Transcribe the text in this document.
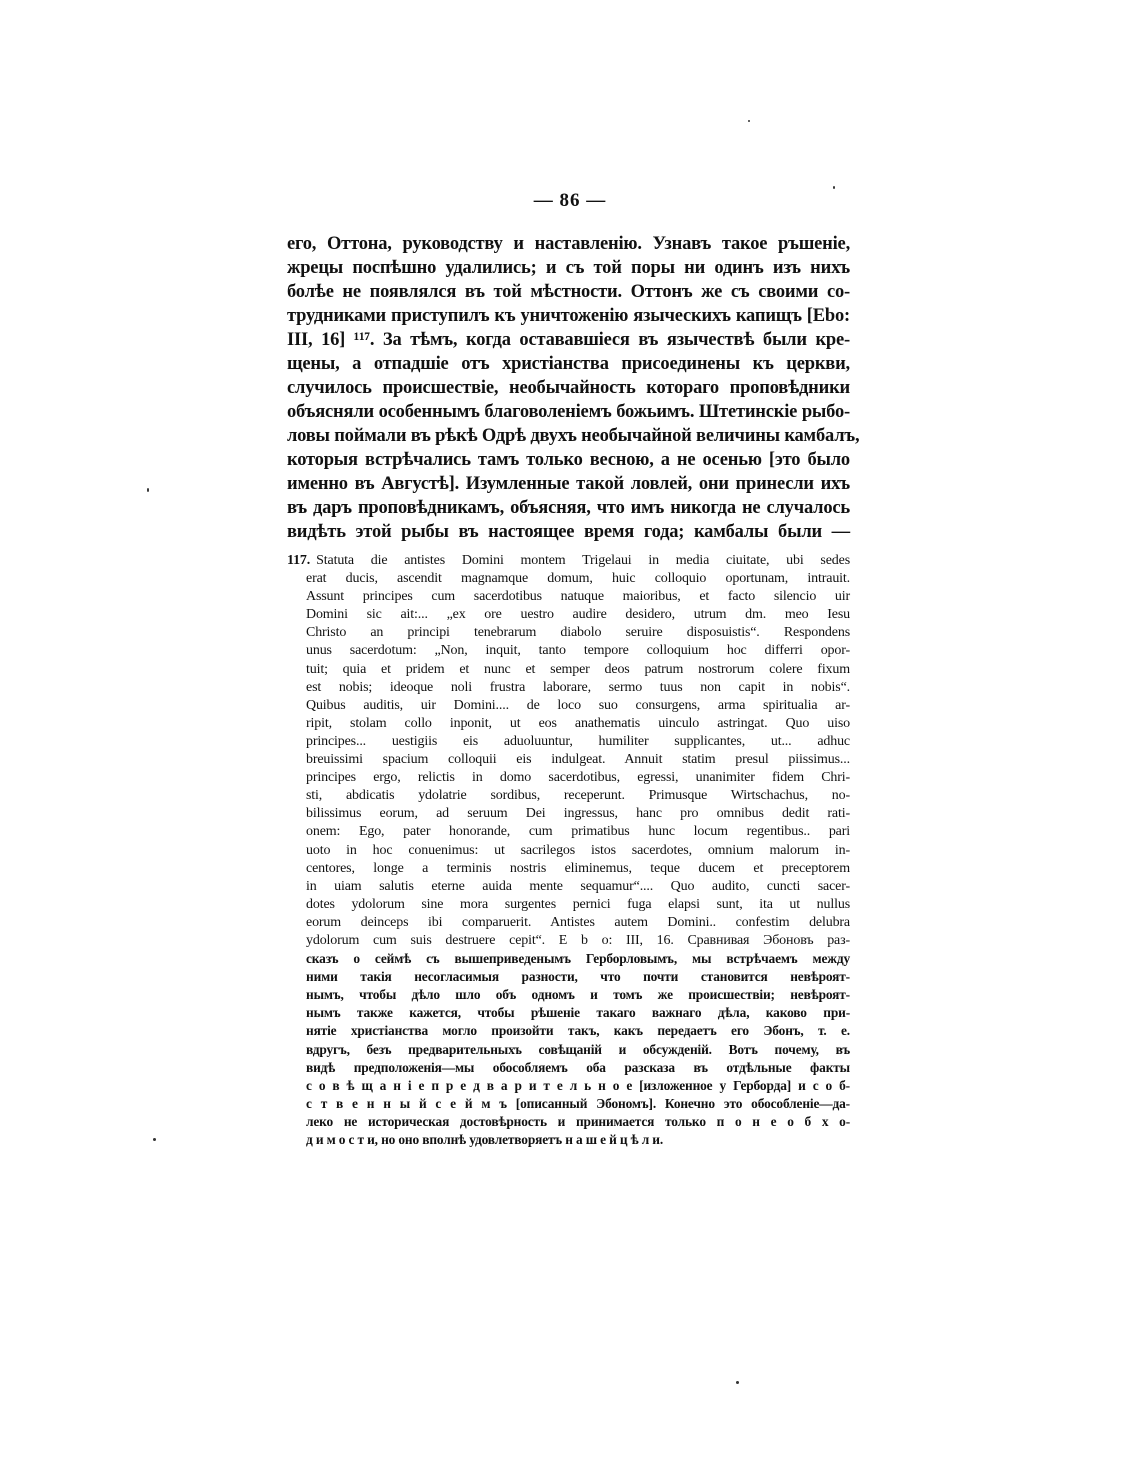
— 86 —
его, Оттона, руководству и наставленію. Узнавъ такое ръшеніе,
жрецы поспѣшно удалились; и съ той поры ни одинъ изъ нихъ
болѣе не появлялся въ той мѣстности. Оттонъ же съ своими со-
трудниками приступилъ къ уничтоженію языческихъ капищъ [Ebo:
III, 16] ¹¹⁷. За тѣмъ, когда остававшіеся въ язычествѣ были кре-
щены, а отпадшіе отъ христіанства присоединены къ церкви,
случилось происшествіе, необычайность котораго проповѣдники
объясняли особеннымъ благоволеніемъ божьимъ. Штетинскіе рыбо-
ловы поймали въ рѣкѣ Одрѣ двухъ необычайной величины камбалъ,
которыя встрѣчались тамъ только весною, а не осенью [это было
именно въ Августѣ]. Изумленные такой ловлей, они принесли ихъ
въ даръ проповѣдникамъ, объясняя, что имъ никогда не случалось
видѣть этой рыбы въ настоящее время года; камбалы были —
117. Statuta die antistes Domini montem Trigelaui in media ciuitate, ubi sedes
erat ducis, ascendit magnamque domum, huic colloquio oportunam, intrauit.
Assunt principes cum sacerdotibus natuque maioribus, et facto silencio uir
Domini sic ait:... „ex ore uestro audire desidero, utrum dm. meo Iesu
Christo an principi tenebrarum diabolo seruire disposuistis“. Respondens
unus sacerdotum: „Non, inquit, tanto tempore colloquium hoc differri opor-
tuit; quia et pridem et nunc et semper deos patrum nostrorum colere fixum
est nobis; ideoque noli frustra laborare, sermo tuus non capit in nobis“.
Quibus auditis, uir Domini.... de loco suo consurgens, arma spiritualia ar-
ripit, stolam collo inponit, ut eos anathematis uinculo astringat. Quo uiso
principes... uestigiis eis aduoluuntur, humiliter supplicantes, ut... adhuc
breuissimi spacium colloquii eis indulgeat. Annuit statim presul piissimus...
principes ergo, relictis in domo sacerdotibus, egressi, unanimiter fidem Chri-
sti, abdicatis ydolatrie sordibus, receperunt. Primusque Wirtschachus, no-
bilissimus eorum, ad seruum Dei ingressus, hanc pro omnibus dedit rati-
onem: Ego, pater honorande, cum primatibus hunc locum regentibus.. pari
uoto in hoc conuenimus: ut sacrilegos istos sacerdotes, omnium malorum in-
centores, longe a terminis nostris eliminemus, teque ducem et preceptorem
in uiam salutis eterne auida mente sequamur“.... Quo audito, cuncti sacer-
dotes ydolorum sine mora surgentes pernici fuga elapsi sunt, ita ut nullus
eorum deinceps ibi comparuerit. Antistes autem Domini.. confestim delubra
ydolorum cum suis destruere cepit“. E b o: III, 16. Сравнивая Эбоновъ раз-
сказъ о сеймѣ съ вышеприведенымъ Герборловымъ, мы встрѣчаемъ между
ними такія несогласимыя разности, что почти становится невѣроят-
нымъ, чтобы дѣло шло объ одномъ и томъ же происшествіи; невѣроят-
нымъ также кажется, чтобы рѣшеніе такаго важнаго дѣла, каково при-
нятіе христіанства могло произойти такъ, какъ передаетъ его Эбонъ, т. е.
вдругъ, безъ предварительныхъ совѣщаній и обсужденій. Вотъ почему, въ
видѣ предположенія—мы обособляемъ оба разсказа въ отдѣльные факты
с о в ѣ щ а н і е п р е д в а р и т е л ь н о е [изложенное у Герборда] и с о б-
с т в е н н ы й с е й м ъ [описанный Эбономъ]. Конечно это обособленіе—да-
леко не историческая достовѣрность и принимается только п о н е о б х о-
д и м о с т и, но оно вполнѣ удовлетворяетъ н а ш е й ц ѣ л и.
